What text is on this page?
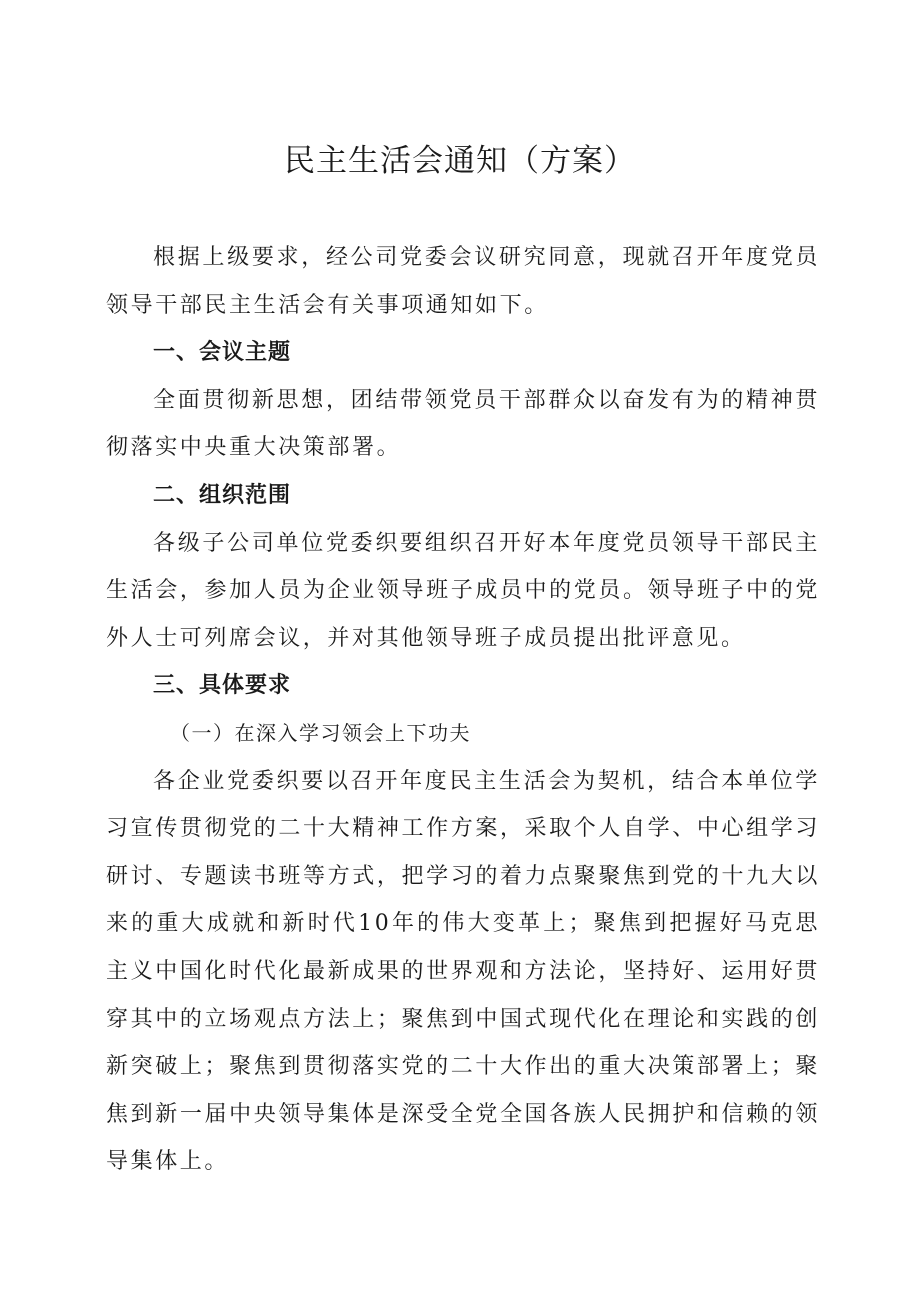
民主生活会通知（方案）

根据上级要求，经公司党委会议研究同意，现就召开年度党员领导干部民主生活会有关事项通知如下。

一、会议主题

全面贯彻新思想，团结带领党员干部群众以奋发有为的精神贯彻落实中央重大决策部署。

二、组织范围

各级子公司单位党委织要组织召开好本年度党员领导干部民主生活会，参加人员为企业领导班子成员中的党员。领导班子中的党外人士可列席会议，并对其他领导班子成员提出批评意见。

三、具体要求
（一）在深入学习领会上下功夫

各企业党委织要以召开年度民主生活会为契机，结合本单位学习宣传贯彻党的二十大精神工作方案，采取个人自学、中心组学习研讨、专题读书班等方式，把学习的着力点聚聚焦到党的十九大以来的重大成就和新时代10年的伟大变革上；聚焦到把握好马克思主义中国化时代化最新成果的世界观和方法论，坚持好、运用好贯穿其中的立场观点方法上；聚焦到中国式现代化在理论和实践的创新突破上；聚焦到贯彻落实党的二十大作出的重大决策部署上；聚焦到新一届中央领导集体是深受全党全国各族人民拥护和信赖的领导集体上。
